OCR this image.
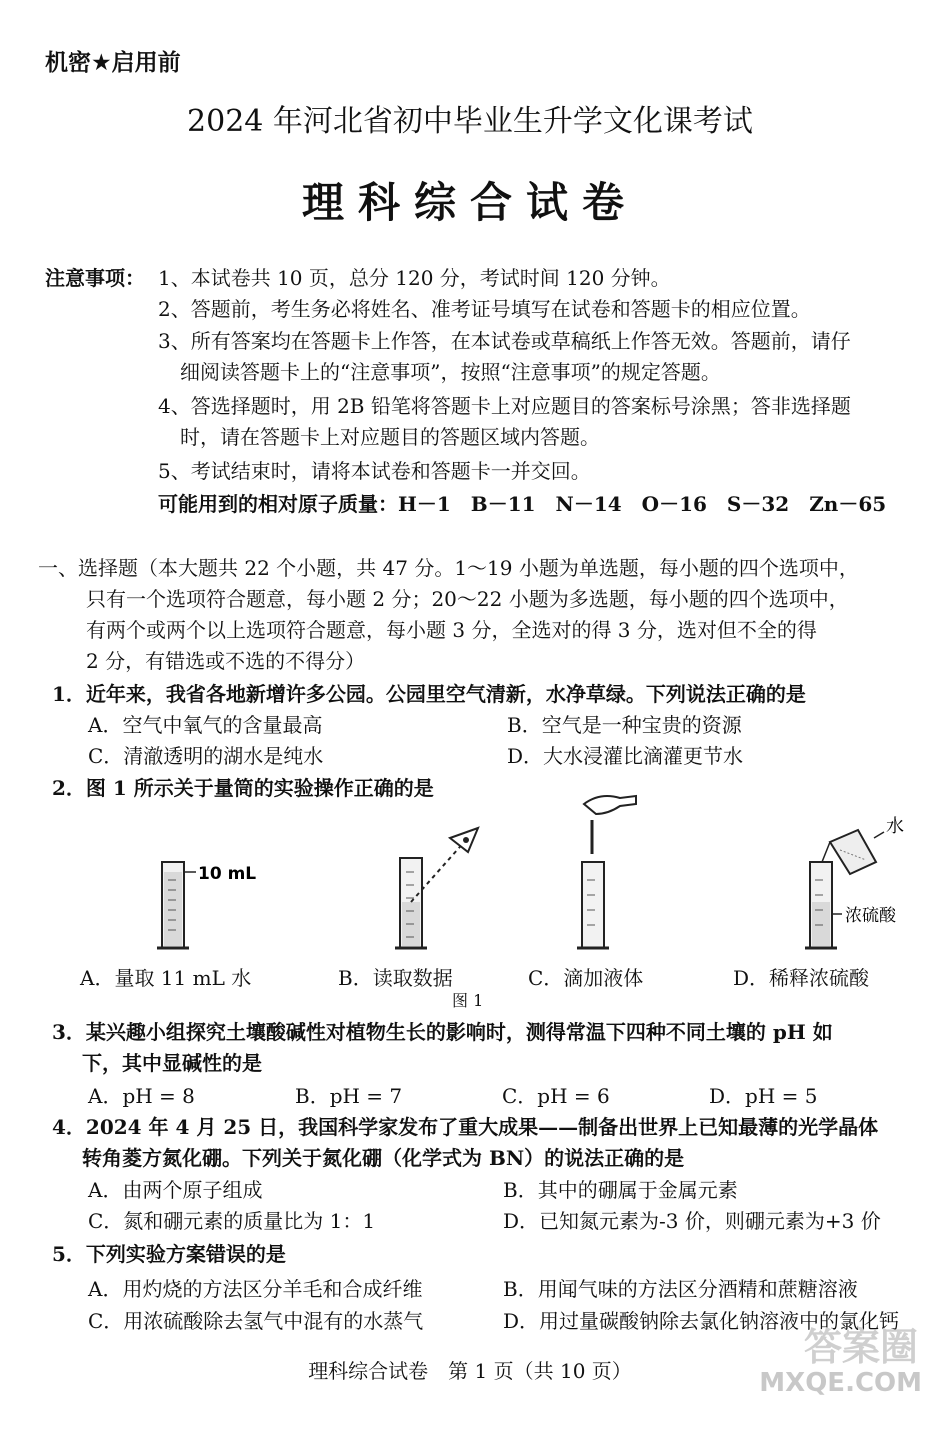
机密★启用前
2024 年河北省初中毕业生升学文化课考试
理科综合试卷
注意事项： 1、本试卷共 10 页，总分 120 分，考试时间 120 分钟。
2、答题前，考生务必将姓名、准考证号填写在试卷和答题卡的相应位置。
3、所有答案均在答题卡上作答，在本试卷或草稿纸上作答无效。答题前，请仔
细阅读答题卡上的“注意事项”，按照“注意事项”的规定答题。
4、答选择题时，用 2B 铅笔将答题卡上对应题目的答案标号涂黑；答非选择题
时，请在答题卡上对应题目的答题区域内答题。
5、考试结束时，请将本试卷和答题卡一并交回。
可能用到的相对原子质量：H－1　B－11　N－14　O－16　S－32　Zn－65
一、选择题（本大题共 22 个小题，共 47 分。1～19 小题为单选题，每小题的四个选项中，
只有一个选项符合题意，每小题 2 分；20～22 小题为多选题，每小题的四个选项中，
有两个或两个以上选项符合题意，每小题 3 分，全选对的得 3 分，选对但不全的得
2 分，有错选或不选的不得分）
1．近年来，我省各地新增许多公园。公园里空气清新，水净草绿。下列说法正确的是
A．空气中氧气的含量最高	B．空气是一种宝贵的资源
C．清澈透明的湖水是纯水	D．大水浸灌比滴灌更节水
2．图 1 所示关于量筒的实验操作正确的是
10 mL
水
浓硫酸
A．量取 11 mL 水	B．读取数据	C．滴加液体	D．稀释浓硫酸
图 1
3．某兴趣小组探究土壤酸碱性对植物生长的影响时，测得常温下四种不同土壤的 pH 如
下，其中显碱性的是
A．pH = 8	B．pH = 7	C．pH = 6	D．pH = 5
4．2024 年 4 月 25 日，我国科学家发布了重大成果——制备出世界上已知最薄的光学晶体
转角菱方氮化硼。下列关于氮化硼（化学式为 BN）的说法正确的是
A．由两个原子组成	B．其中的硼属于金属元素
C．氮和硼元素的质量比为 1：1	D．已知氮元素为-3 价，则硼元素为+3 价
5．下列实验方案错误的是
A．用灼烧的方法区分羊毛和合成纤维	B．用闻气味的方法区分酒精和蔗糖溶液
C．用浓硫酸除去氢气中混有的水蒸气	D．用过量碳酸钠除去氯化钠溶液中的氯化钙
理科综合试卷　第 1 页（共 10 页）
答案圈
MXQE.COM
